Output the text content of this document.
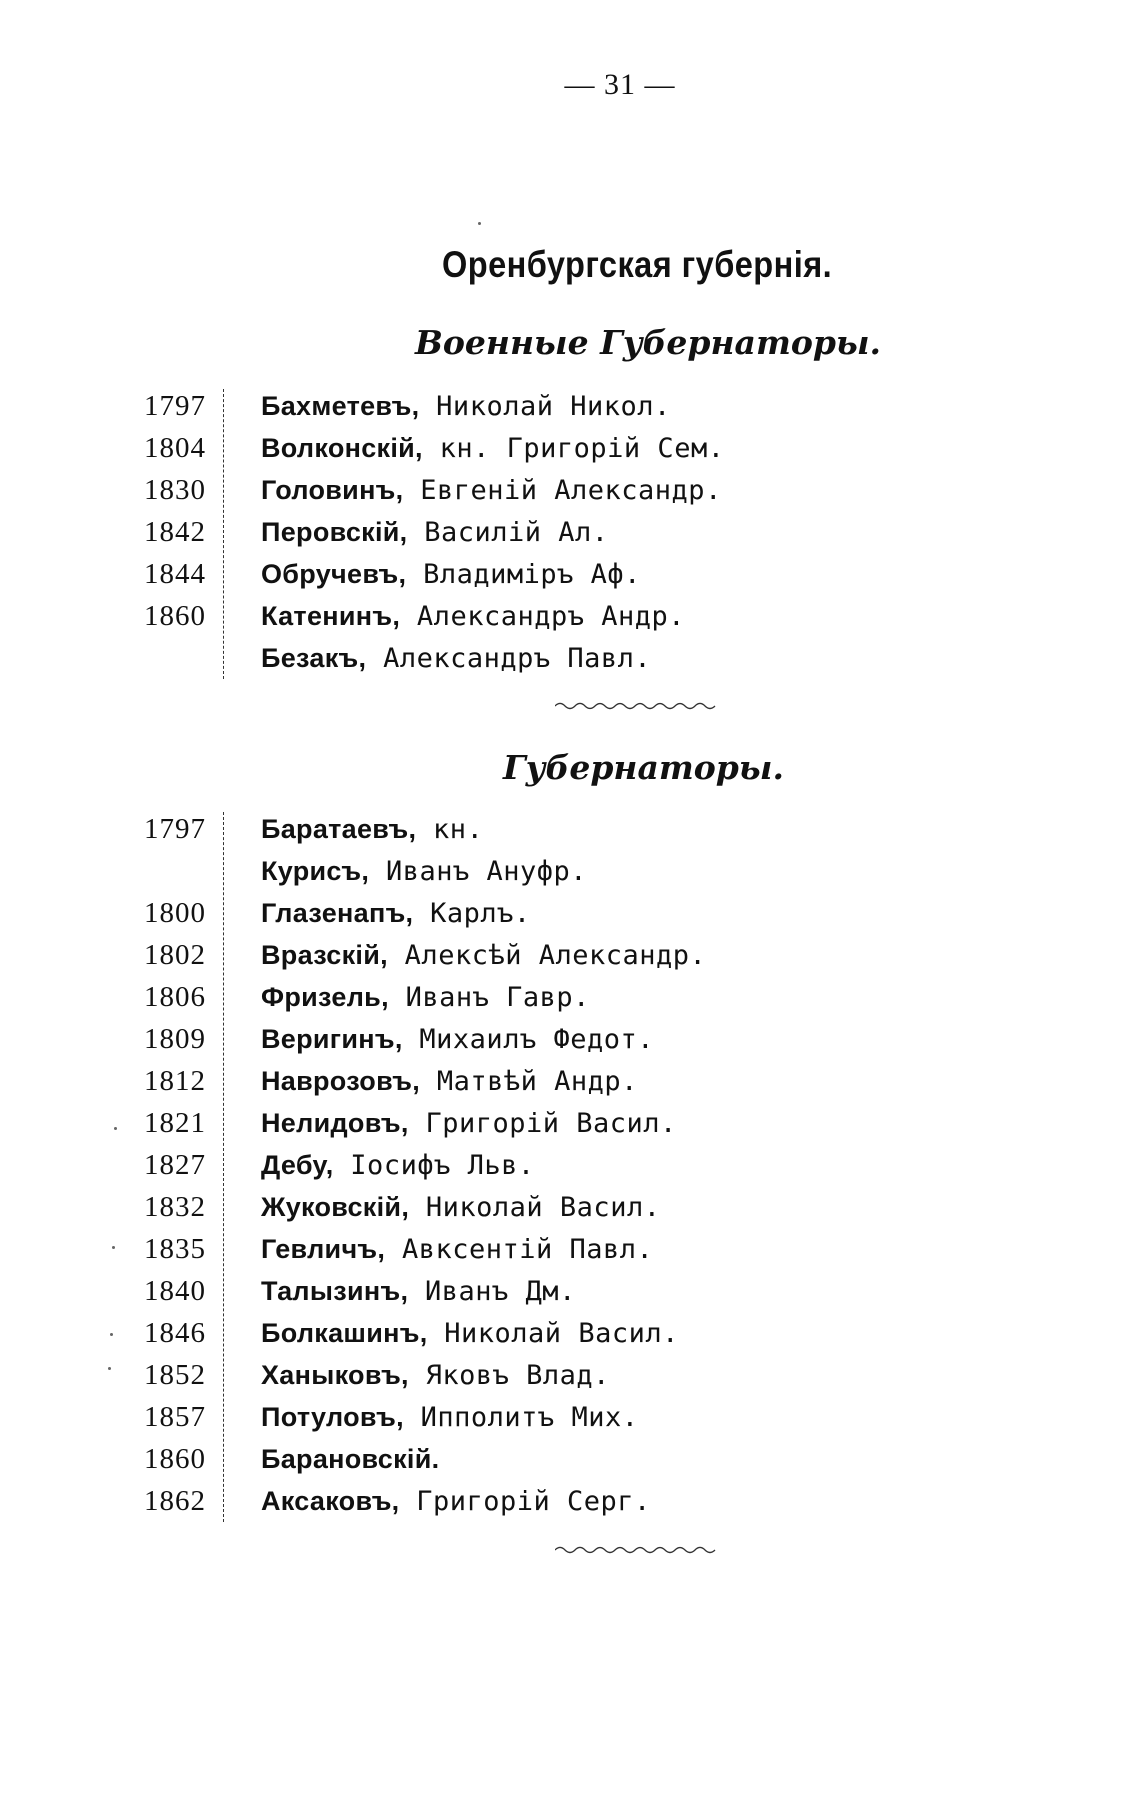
— 31 —
Оренбургская губернія.
Военные Губернаторы.
1797 Бахметевъ, Николай Никол.
1804 Волконскій, кн. Григорій Сем.
1830 Головинъ, Евгеній Александр.
1842 Перовскій, Василій Ал.
1844 Обручевъ, Владиміръ Аф.
1860 Катенинъ, Александръ Андр.
Безакъ, Александръ Павл.
Губернаторы.
1797 Баратаевъ, кн.
Курисъ, Иванъ Ануфр.
1800 Глазенапъ, Карлъ.
1802 Вразскій, Алексѣй Александр.
1806 Фризель, Иванъ Гавр.
1809 Веригинъ, Михаилъ Федот.
1812 Наврозовъ, Матвѣй Андр.
1821 Нелидовъ, Григорій Васил.
1827 Дебу, Іосифъ Льв.
1832 Жуковскій, Николай Васил.
1835 Гевличъ, Авксентій Павл.
1840 Талызинъ, Иванъ Дм.
1846 Болкашинъ, Николай Васил.
1852 Ханыковъ, Яковъ Влад.
1857 Потуловъ, Ипполитъ Мих.
1860 Барановскій.
1862 Аксаковъ, Григорій Серг.
